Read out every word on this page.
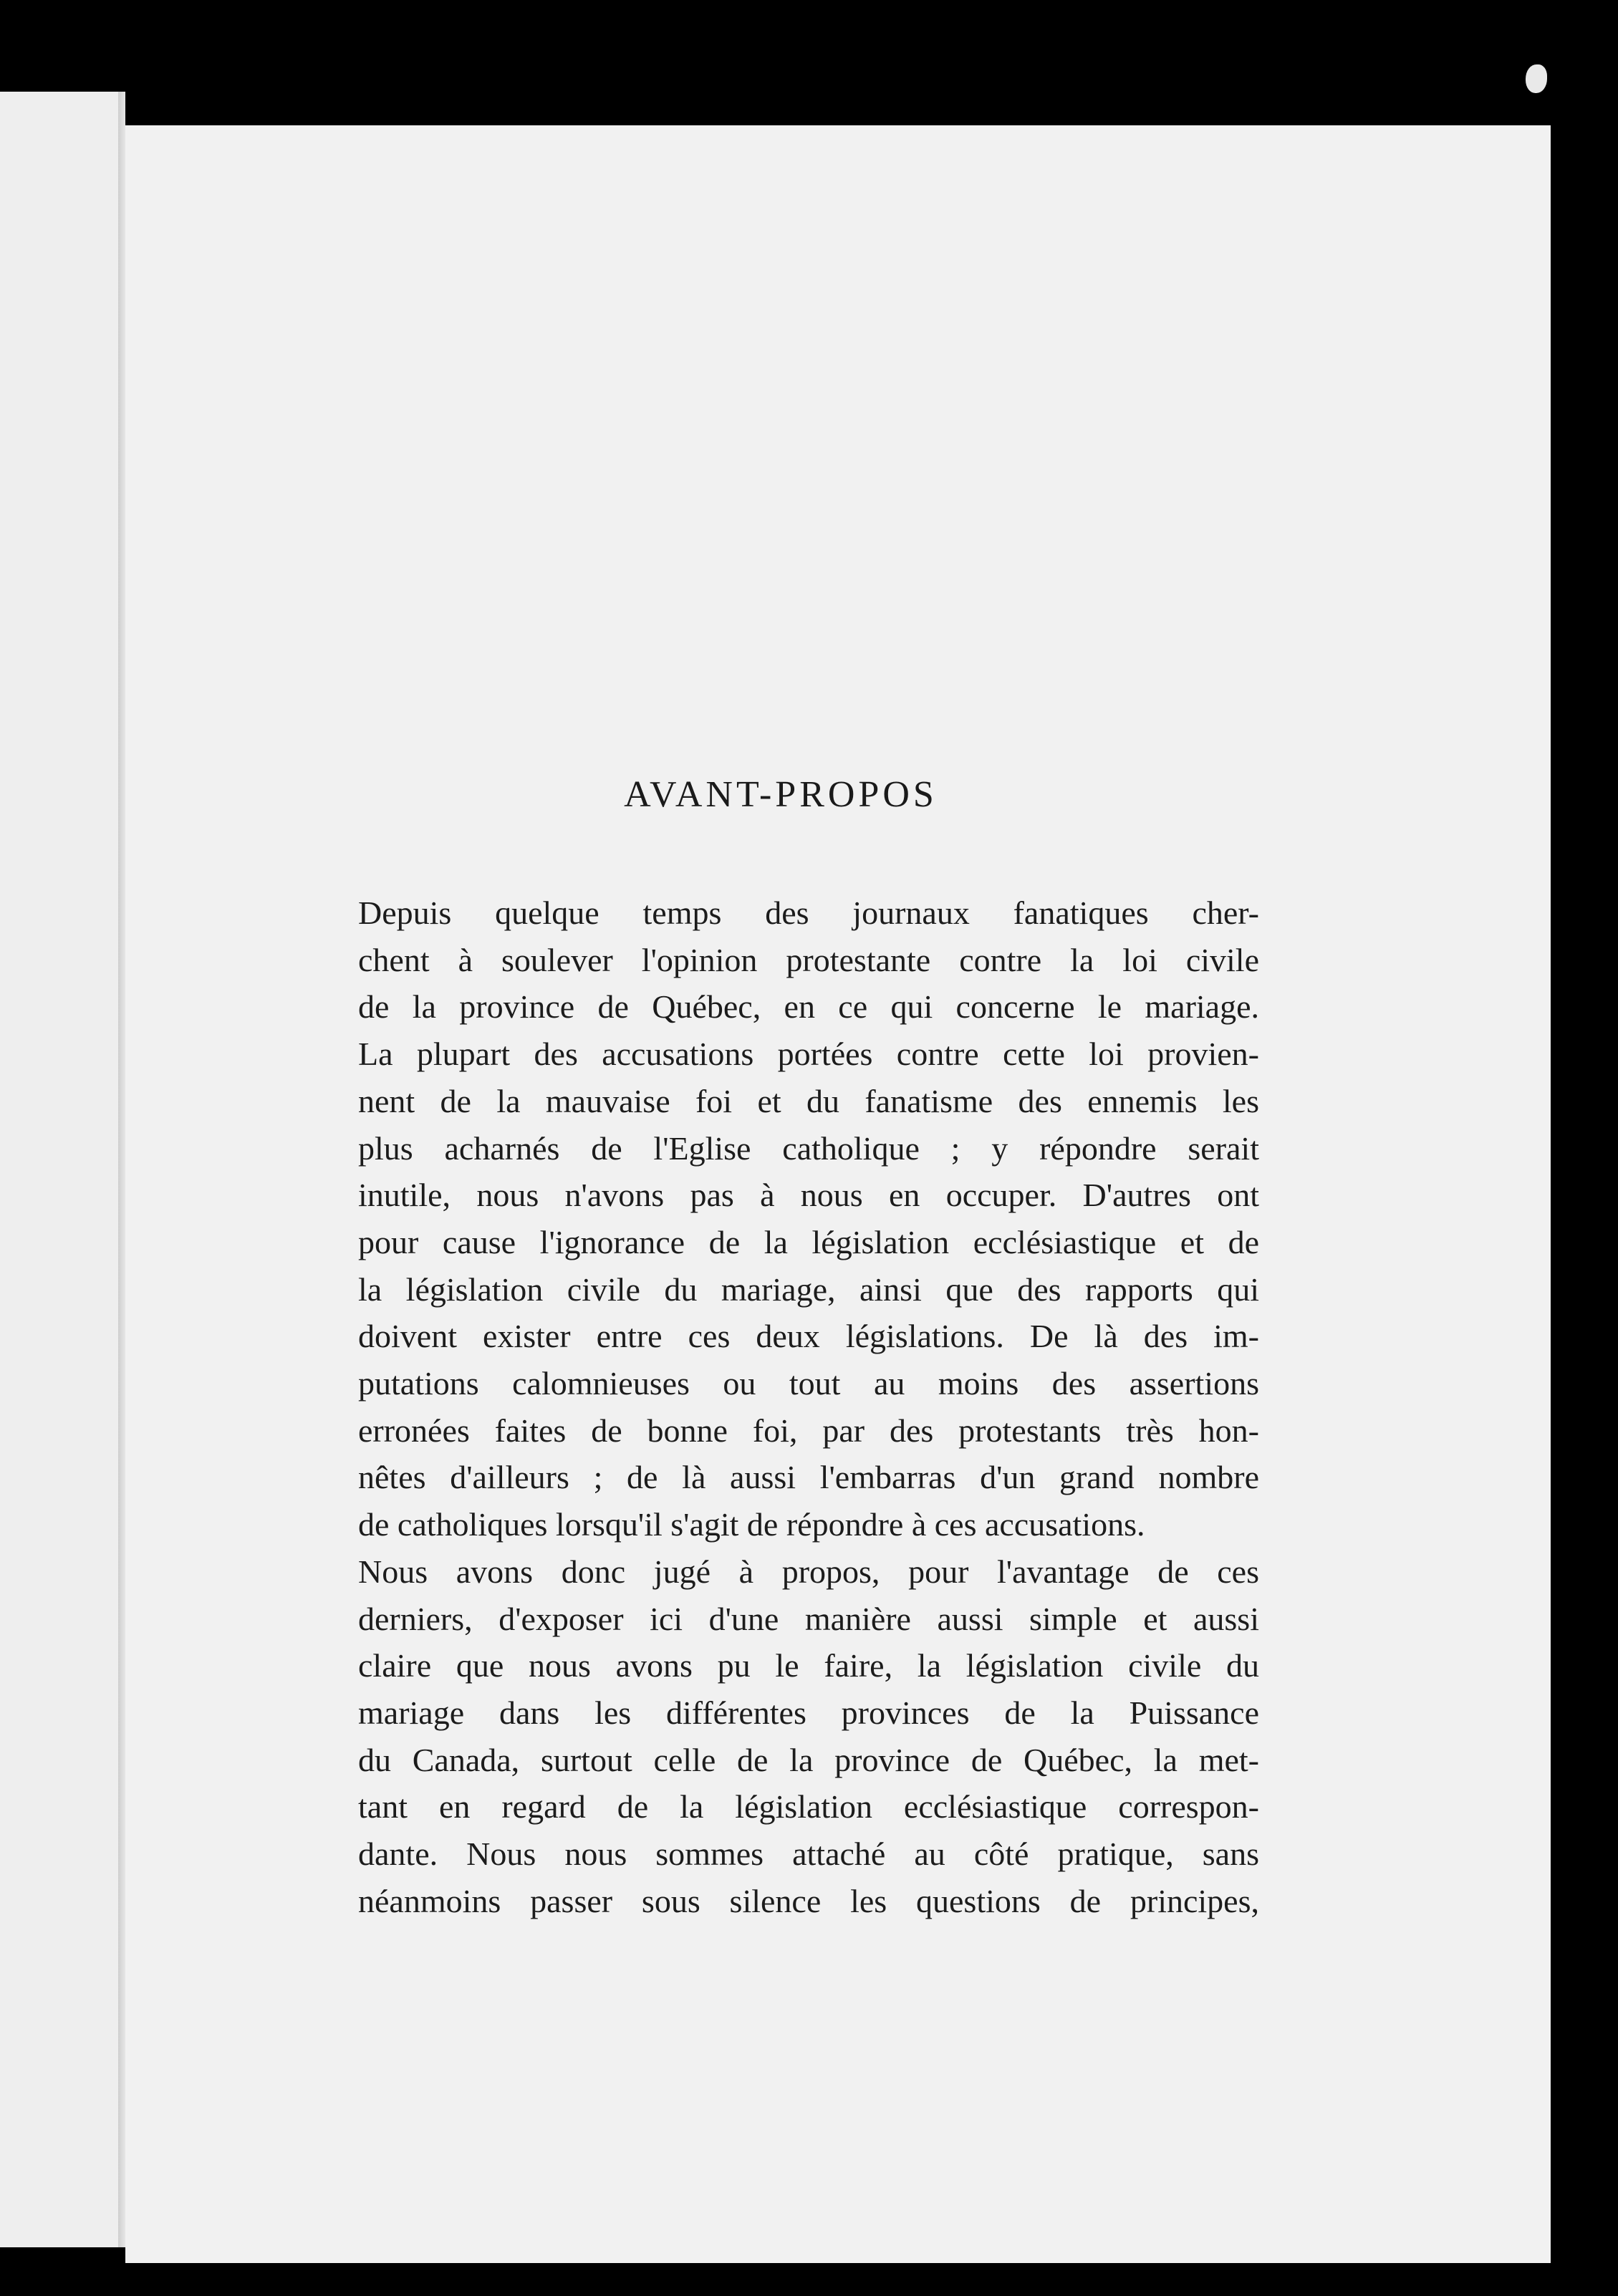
AVANT-PROPOS

Depuis quelque temps des journaux fanatiques cher-
chent à soulever l'opinion protestante contre la loi civile
de la province de Québec, en ce qui concerne le mariage.
La plupart des accusations portées contre cette loi provien-
nent de la mauvaise foi et du fanatisme des ennemis les
plus acharnés de l'Eglise catholique ; y répondre serait
inutile, nous n'avons pas à nous en occuper. D'autres ont
pour cause l'ignorance de la législation ecclésiastique et de
la législation civile du mariage, ainsi que des rapports qui
doivent exister entre ces deux législations. De là des im-
putations calomnieuses ou tout au moins des assertions
erronées faites de bonne foi, par des protestants très hon-
nêtes d'ailleurs ; de là aussi l'embarras d'un grand nombre
de catholiques lorsqu'il s'agit de répondre à ces accusations.

Nous avons donc jugé à propos, pour l'avantage de ces
derniers, d'exposer ici d'une manière aussi simple et aussi
claire que nous avons pu le faire, la législation civile du
mariage dans les différentes provinces de la Puissance
du Canada, surtout celle de la province de Québec, la met-
tant en regard de la législation ecclésiastique correspon-
dante. Nous nous sommes attaché au côté pratique, sans
néanmoins passer sous silence les questions de principes,
